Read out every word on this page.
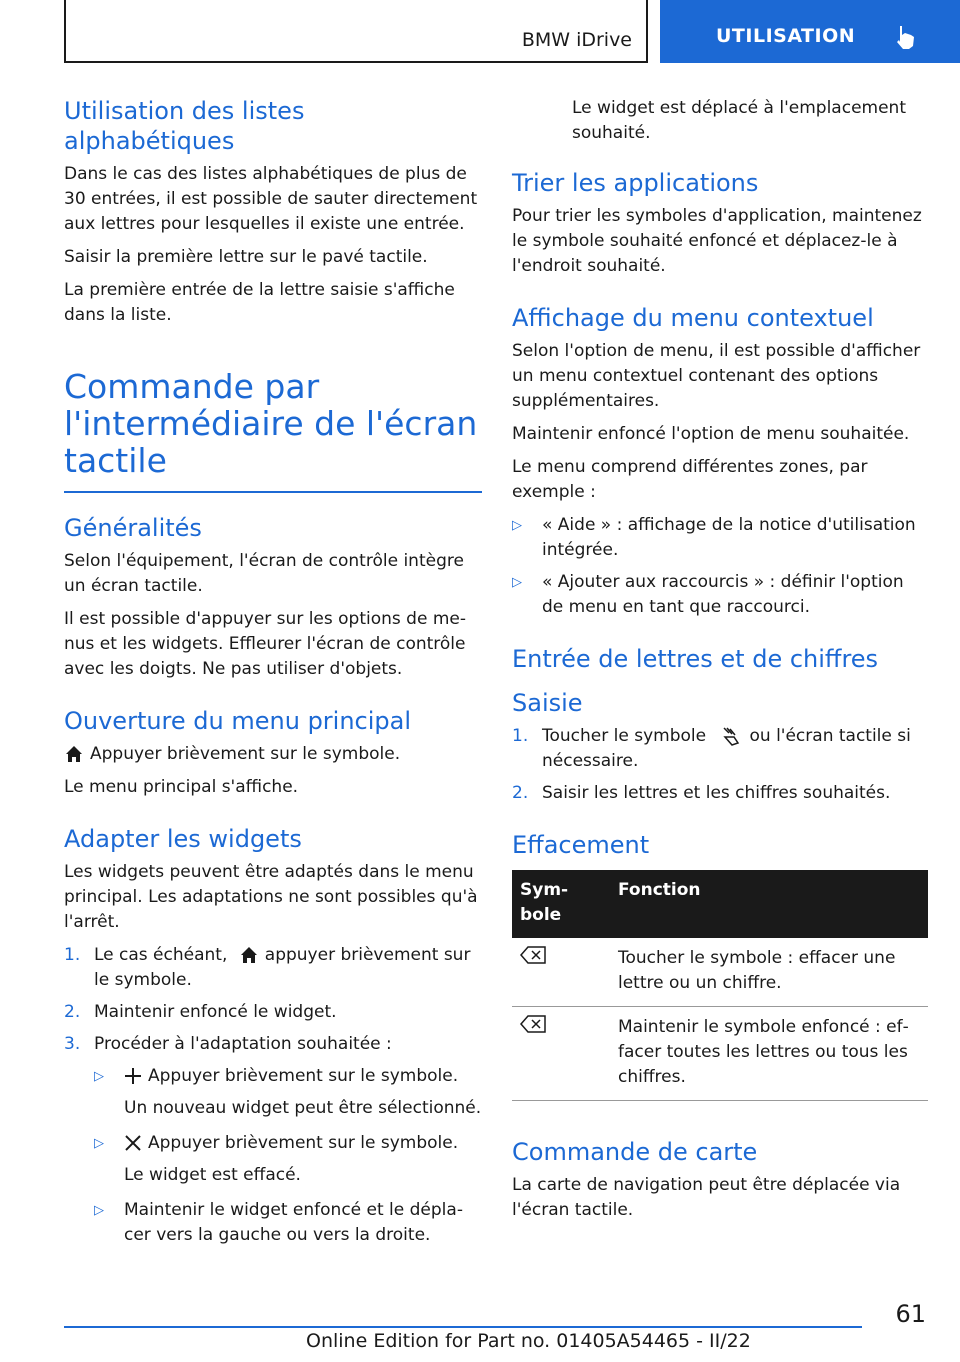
BMW iDrive	UTILISATION
Utilisation des listes alphabétiques

Dans le cas des listes alphabétiques de plus de 30 entrées, il est possible de sauter directement aux lettres pour lesquelles il existe une entrée.

Saisir la première lettre sur le pavé tactile.

La première entrée de la lettre saisie s'affiche dans la liste.

Commande par l'intermédiaire de l'écran tactile
Généralités

Selon l'équipement, l'écran de contrôle intègre un écran tactile.

Il est possible d'appuyer sur les options de menus et les widgets. Effleurer l'écran de contrôle avec les doigts. Ne pas utiliser d'objets.

Ouverture du menu principal

Appuyer brièvement sur le symbole.

Le menu principal s'affiche.

Adapter les widgets

Les widgets peuvent être adaptés dans le menu principal. Les adaptations ne sont possibles qu'à l'arrêt.

1. Le cas échéant, appuyer brièvement sur le symbole.
2. Maintenir enfoncé le widget.
3. Procéder à l'adaptation souhaitée :
▷	Appuyer brièvement sur le symbole.
Un nouveau widget peut être sélectionné.
▷	Appuyer brièvement sur le symbole.
Le widget est effacé.
▷	Maintenir le widget enfoncé et le déplacer vers la gauche ou vers la droite.
Le widget est déplacé à l'emplacement souhaité.
Trier les applications

Pour trier les symboles d'application, maintenez le symbole souhaité enfoncé et déplacez-le à l'endroit souhaité.

Affichage du menu contextuel

Selon l'option de menu, il est possible d'afficher un menu contextuel contenant des options supplémentaires.

Maintenir enfoncé l'option de menu souhaitée.

Le menu comprend différentes zones, par exemple :

▷	« Aide » : affichage de la notice d'utilisation intégrée.
▷	« Ajouter aux raccourcis » : définir l'option de menu en tant que raccourci.
Entrée de lettres et de chiffres
Saisie
1. Toucher le symbole	ou l'écran tactile si nécessaire.
2. Saisir les lettres et les chiffres souhaités.
Effacement
Symbole	Fonction
	Toucher le symbole : effacer une lettre ou un chiffre.
	Maintenir le symbole enfoncé : effacer toutes les lettres ou tous les chiffres.
Commande de carte

La carte de navigation peut être déplacée via l'écran tactile.

61
Online Edition for Part no. 01405A54465 - II/22
